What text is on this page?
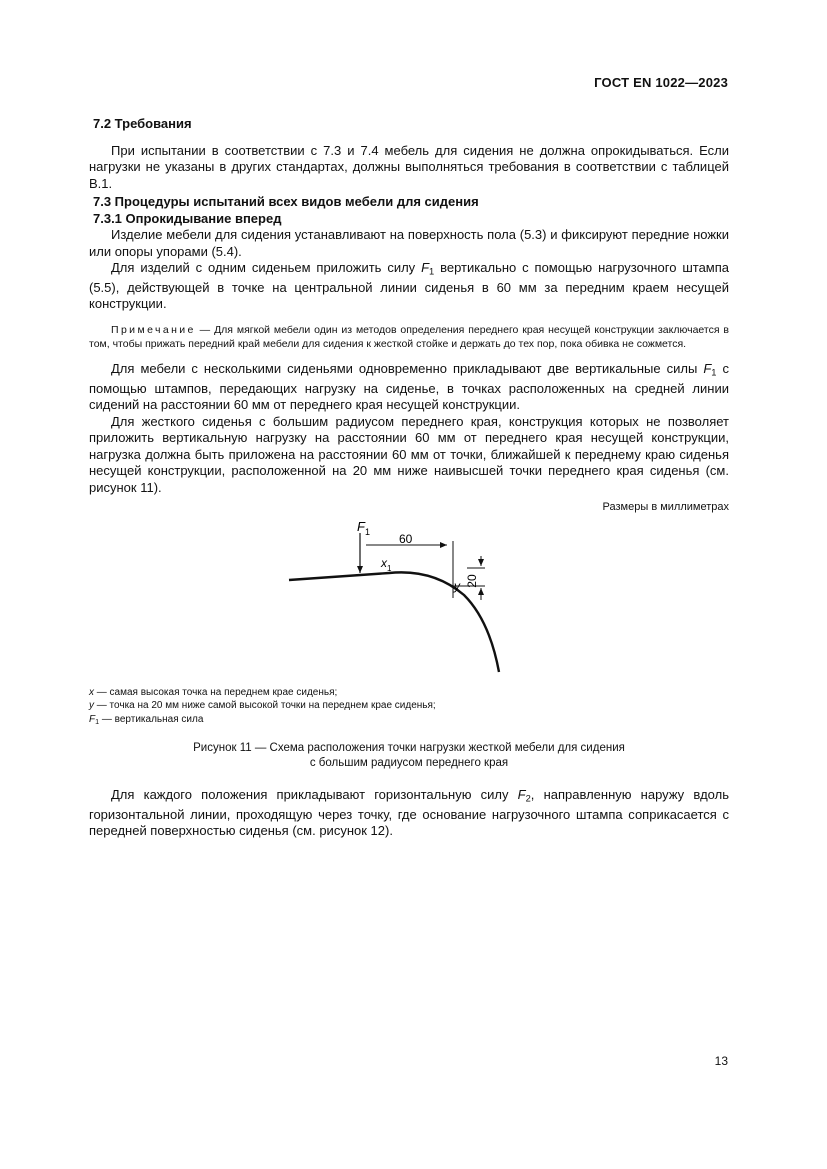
ГОСТ EN 1022—2023

7.2 Требования

При испытании в соответствии с 7.3 и 7.4 мебель для сидения не должна опрокидываться. Если нагрузки не указаны в других стандартах, должны выполняться требования в соответствии с таблицей В.1.

7.3 Процедуры испытаний всех видов мебели для сидения

7.3.1 Опрокидывание вперед

Изделие мебели для сидения устанавливают на поверхность пола (5.3) и фиксируют передние ножки или опоры упорами (5.4).

Для изделий с одним сиденьем приложить силу $F_1$ вертикально с помощью нагрузочного штампа (5.5), действующей в точке на центральной линии сиденья в 60 мм за передним краем несущей конструкции.

Примечание — Для мягкой мебели один из методов определения переднего края несущей конструкции заключается в том, чтобы прижать передний край мебели для сидения к жесткой стойке и держать до тех пор, пока обивка не сожмется.

Для мебели с несколькими сиденьями одновременно прикладывают две вертикальные силы $F_1$ с помощью штампов, передающих нагрузку на сиденье, в точках расположенных на средней линии сидений на расстоянии 60 мм от переднего края несущей конструкции.

Для жесткого сиденья с большим радиусом переднего края, конструкция которых не позволяет приложить вертикальную нагрузку на расстоянии 60 мм от переднего края несущей конструкции, нагрузка должна быть приложена на расстоянии 60 мм от точки, ближайшей к переднему краю сиденья несущей конструкции, расположенной на 20 мм ниже наивысшей точки переднего края сиденья (см. рисунок 11).

Размеры в миллиметрах
F 1 60
x 1
y 20
x — самая высокая точка на переднем крае сиденья;
y — точка на 20 мм ниже самой высокой точки на переднем крае сиденья;
$F_1$ — вертикальная сила
Рисунок 11 — Схема расположения точки нагрузки жесткой мебели для сидения
с большим радиусом переднего края

Для каждого положения прикладывают горизонтальную силу $F_2$, направленную наружу вдоль горизонтальной линии, проходящую через точку, где основание нагрузочного штампа соприкасается с передней поверхностью сиденья (см. рисунок 12).

13
